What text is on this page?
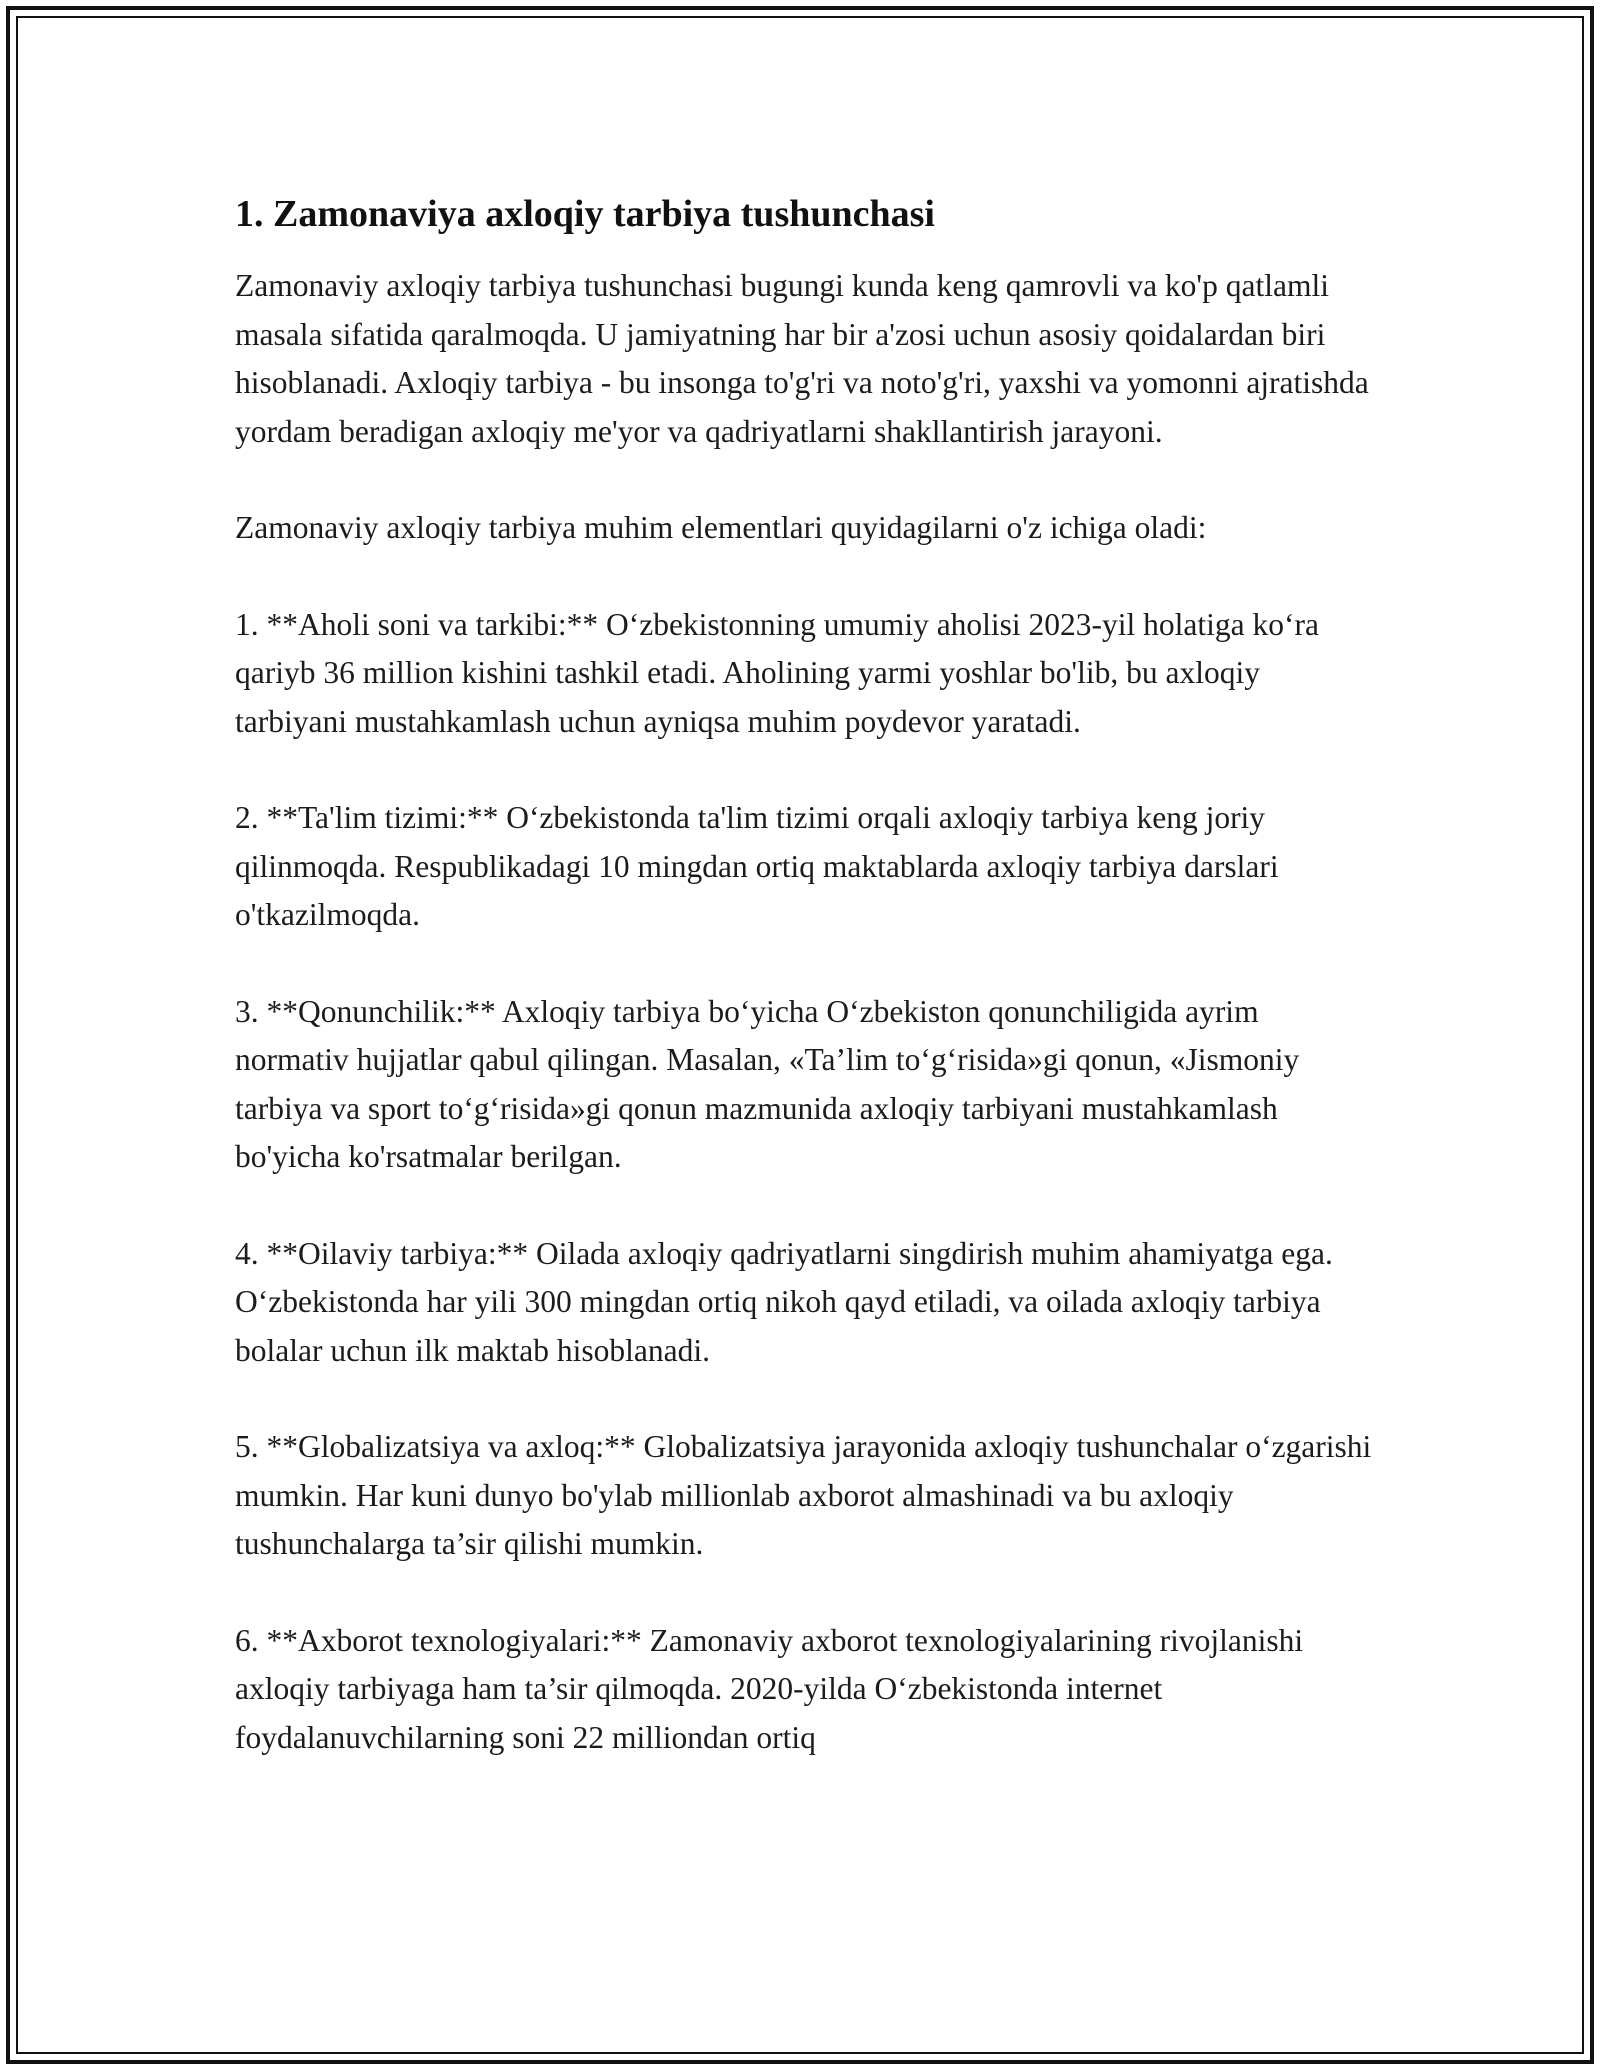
1. Zamonaviya axloqiy tarbiya tushunchasi

Zamonaviy axloqiy tarbiya tushunchasi bugungi kunda keng qamrovli va ko'p qatlamli masala sifatida qaralmoqda. U jamiyatning har bir a'zosi uchun asosiy qoidalardan biri hisoblanadi. Axloqiy tarbiya - bu insonga to'g'ri va noto'g'ri, yaxshi va yomonni ajratishda yordam beradigan axloqiy me'yor va qadriyatlarni shakllantirish jarayoni.

Zamonaviy axloqiy tarbiya muhim elementlari quyidagilarni o'z ichiga oladi:

1. **Aholi soni va tarkibi:** O‘zbekistonning umumiy aholisi 2023-yil holatiga ko‘ra qariyb 36 million kishini tashkil etadi. Aholining yarmi yoshlar bo'lib, bu axloqiy tarbiyani mustahkamlash uchun ayniqsa muhim poydevor yaratadi.

2. **Ta'lim tizimi:** O‘zbekistonda ta'lim tizimi orqali axloqiy tarbiya keng joriy qilinmoqda. Respublikadagi 10 mingdan ortiq maktablarda axloqiy tarbiya darslari o'tkazilmoqda.

3. **Qonunchilik:** Axloqiy tarbiya bo‘yicha O‘zbekiston qonunchiligida ayrim normativ hujjatlar qabul qilingan. Masalan, «Ta’lim to‘g‘risida»gi qonun, «Jismoniy tarbiya va sport to‘g‘risida»gi qonun mazmunida axloqiy tarbiyani mustahkamlash bo'yicha ko'rsatmalar berilgan.

4. **Oilaviy tarbiya:** Oilada axloqiy qadriyatlarni singdirish muhim ahamiyatga ega. O‘zbekistonda har yili 300 mingdan ortiq nikoh qayd etiladi, va oilada axloqiy tarbiya bolalar uchun ilk maktab hisoblanadi.

5. **Globalizatsiya va axloq:** Globalizatsiya jarayonida axloqiy tushunchalar o‘zgarishi mumkin. Har kuni dunyo bo'ylab millionlab axborot almashinadi va bu axloqiy tushunchalarga ta’sir qilishi mumkin.

6. **Axborot texnologiyalari:** Zamonaviy axborot texnologiyalarining rivojlanishi axloqiy tarbiyaga ham ta’sir qilmoqda. 2020-yilda O‘zbekistonda internet foydalanuvchilarning soni 22 milliondan ortiq
